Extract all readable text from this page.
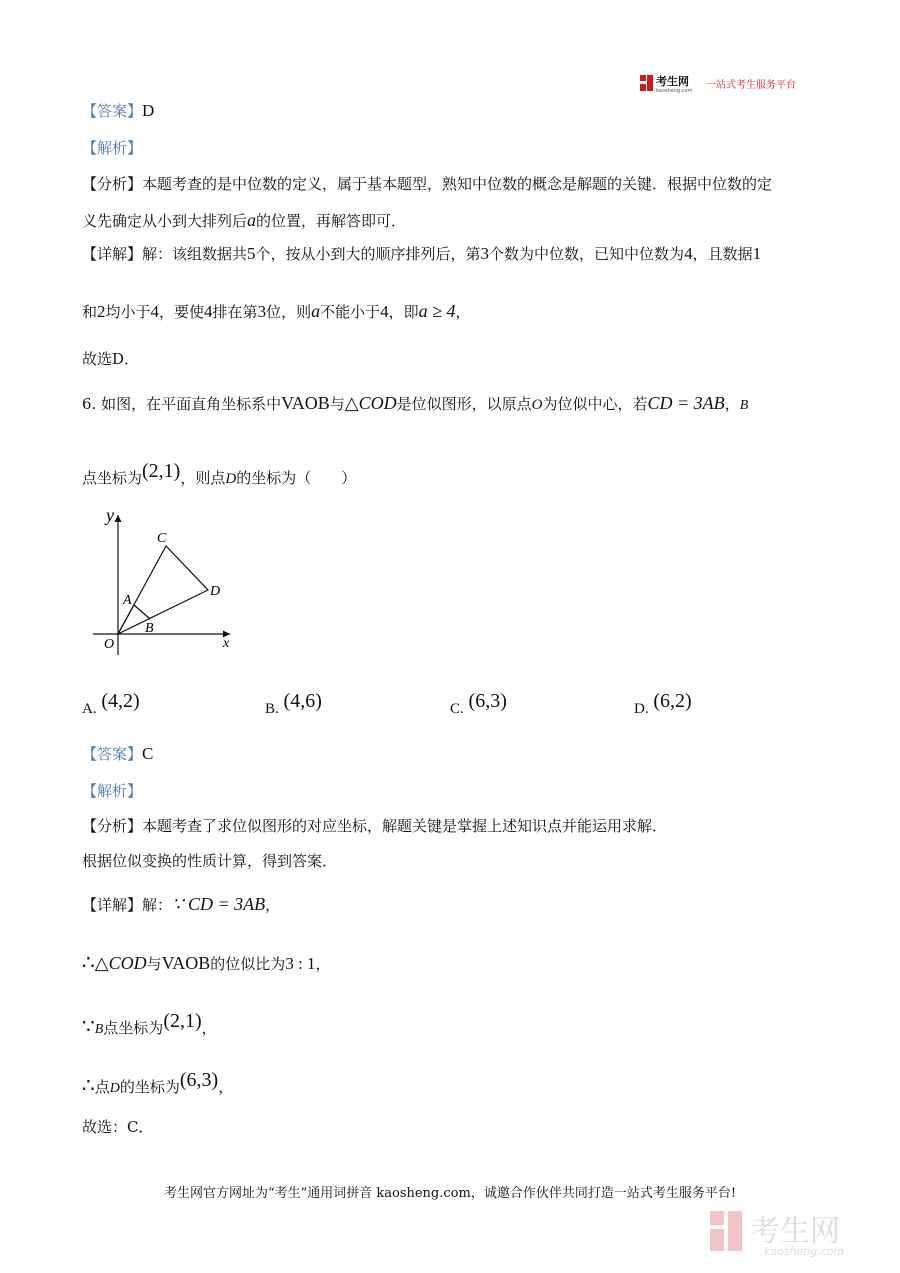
考生网
kaosheng.com 一站式考生服务平台
【答案】D
【解析】
【分析】本题考查的是中位数的定义，属于基本题型，熟知中位数的概念是解题的关键．根据中位数的定
义先确定从小到大排列后a的位置，再解答即可．
【详解】解：该组数据共5个，按从小到大的顺序排列后，第3个数为中位数，已知中位数为4，且数据1
和2均小于4，要使4排在第3位，则a不能小于4，即a ≥ 4，
故选D．
6. 如图，在平面直角坐标系中VAOB与△COD是位似图形，以原点O为位似中心，若CD = 3AB，B
点坐标为(2,1)，则点D的坐标为（　　）
y
x
O
A
B
C
D
A. (4,2)	B. (4,6)	C. (6,3)	D. (6,2)
【答案】C
【解析】
【分析】本题考查了求位似图形的对应坐标，解题关键是掌握上述知识点并能运用求解．
根据位似变换的性质计算，得到答案．
【详解】解：∵ CD = 3AB，
∴△COD与VAOB的位似比为3 : 1，
∵B点坐标为(2,1)，
∴点D的坐标为(6,3)，
故选：C．
考生网官方网址为“考生”通用词拼音 kaosheng.com，诚邀合作伙伴共同打造一站式考生服务平台!
考生网
kaosheng.com
